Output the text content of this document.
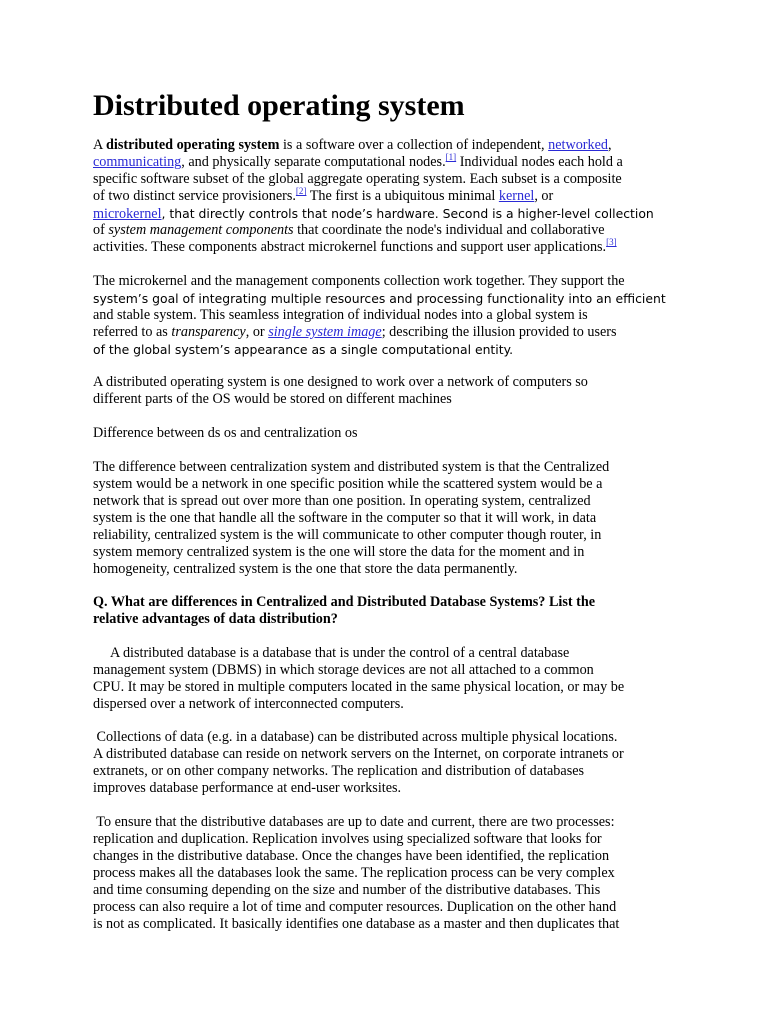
Distributed operating system
A distributed operating system is a software over a collection of independent, networked,
communicating, and physically separate computational nodes.[1] Individual nodes each hold a
specific software subset of the global aggregate operating system. Each subset is a composite
of two distinct service provisioners.[2] The first is a ubiquitous minimal kernel, or
microkernel, that directly controls that node’s hardware. Second is a higher-level collection
of system management components that coordinate the node's individual and collaborative
activities. These components abstract microkernel functions and support user applications.[3]
The microkernel and the management components collection work together. They support the
system’s goal of integrating multiple resources and processing functionality into an efficient
and stable system. This seamless integration of individual nodes into a global system is
referred to as transparency, or single system image; describing the illusion provided to users
of the global system’s appearance as a single computational entity.
A distributed operating system is one designed to work over a network of computers so
different parts of the OS would be stored on different machines
Difference between ds os and centralization os
The difference between centralization system and distributed system is that the Centralized
system would be a network in one specific position while the scattered system would be a
network that is spread out over more than one position. In operating system, centralized
system is the one that handle all the software in the computer so that it will work, in data
reliability, centralized system is the will communicate to other computer though router, in
system memory centralized system is the one will store the data for the moment and in
homogeneity, centralized system is the one that store the data permanently.
Q. What are differences in Centralized and Distributed Database Systems? List the
relative advantages of data distribution?
A distributed database is a database that is under the control of a central database
management system (DBMS) in which storage devices are not all attached to a common
CPU. It may be stored in multiple computers located in the same physical location, or may be
dispersed over a network of interconnected computers.
Collections of data (e.g. in a database) can be distributed across multiple physical locations.
A distributed database can reside on network servers on the Internet, on corporate intranets or
extranets, or on other company networks. The replication and distribution of databases
improves database performance at end-user worksites.
To ensure that the distributive databases are up to date and current, there are two processes:
replication and duplication. Replication involves using specialized software that looks for
changes in the distributive database. Once the changes have been identified, the replication
process makes all the databases look the same. The replication process can be very complex
and time consuming depending on the size and number of the distributive databases. This
process can also require a lot of time and computer resources. Duplication on the other hand
is not as complicated. It basically identifies one database as a master and then duplicates that
